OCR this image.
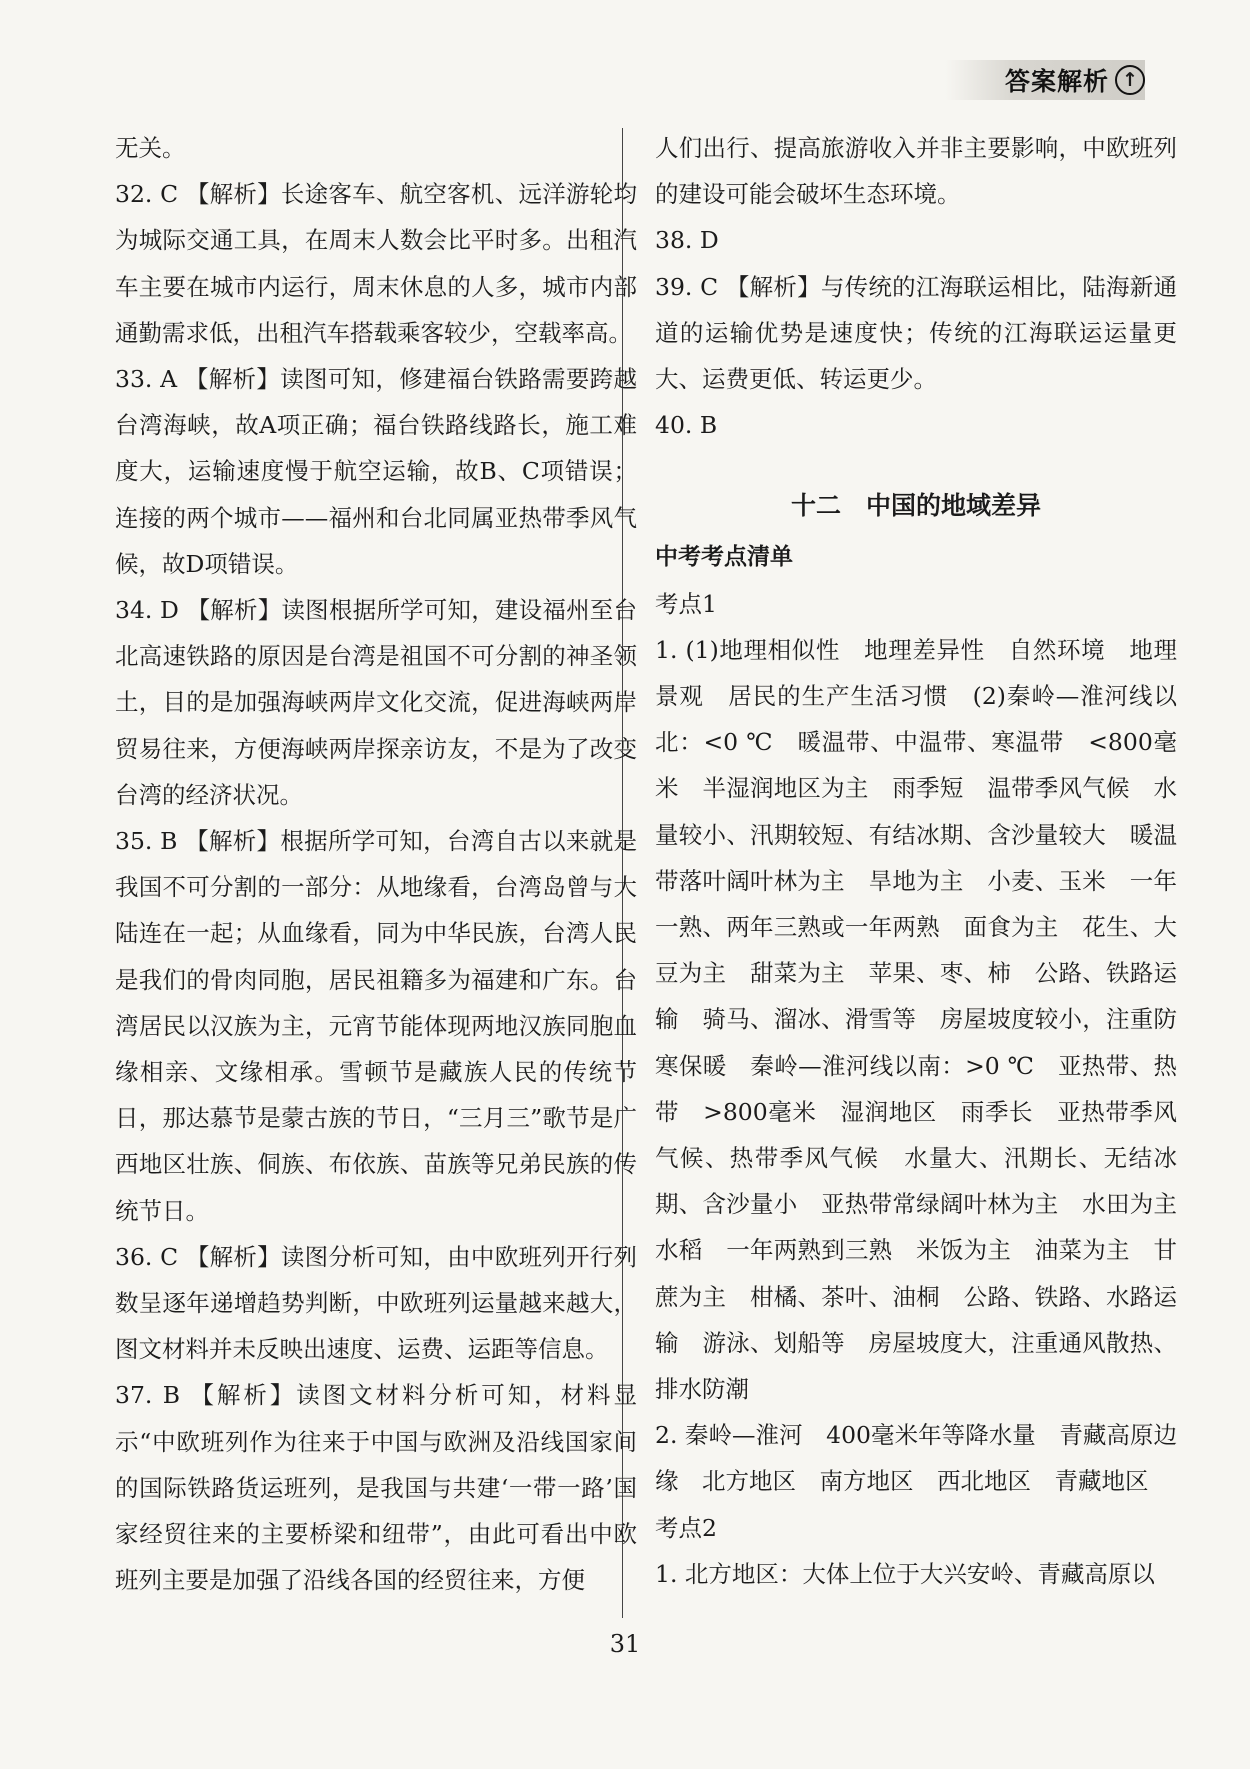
答案解析 ↑
无关。
32. C 【解析】长途客车、航空客机、远洋游轮均为城际交通工具，在周末人数会比平时多。出租汽车主要在城市内运行，周末休息的人多，城市内部通勤需求低，出租汽车搭载乘客较少，空载率高。
33. A 【解析】读图可知，修建福台铁路需要跨越台湾海峡，故A项正确；福台铁路线路长，施工难度大，运输速度慢于航空运输，故B、C项错误；连接的两个城市——福州和台北同属亚热带季风气候，故D项错误。
34. D 【解析】读图根据所学可知，建设福州至台北高速铁路的原因是台湾是祖国不可分割的神圣领土，目的是加强海峡两岸文化交流，促进海峡两岸贸易往来，方便海峡两岸探亲访友，不是为了改变台湾的经济状况。
35. B 【解析】根据所学可知，台湾自古以来就是我国不可分割的一部分：从地缘看，台湾岛曾与大陆连在一起；从血缘看，同为中华民族，台湾人民是我们的骨肉同胞，居民祖籍多为福建和广东。台湾居民以汉族为主，元宵节能体现两地汉族同胞血缘相亲、文缘相承。雪顿节是藏族人民的传统节日，那达慕节是蒙古族的节日，“三月三”歌节是广西地区壮族、侗族、布依族、苗族等兄弟民族的传统节日。
36. C 【解析】读图分析可知，由中欧班列开行列数呈逐年递增趋势判断，中欧班列运量越来越大，图文材料并未反映出速度、运费、运距等信息。
37. B 【解析】读图文材料分析可知，材料显示“中欧班列作为往来于中国与欧洲及沿线国家间的国际铁路货运班列，是我国与共建‘一带一路’国家经贸往来的主要桥梁和纽带”，由此可看出中欧班列主要是加强了沿线各国的经贸往来，方便
人们出行、提高旅游收入并非主要影响，中欧班列的建设可能会破坏生态环境。
38. D
39. C 【解析】与传统的江海联运相比，陆海新通道的运输优势是速度快；传统的江海联运运量更大、运费更低、转运更少。
40. B
十二　中国的地域差异
中考考点清单
考点1
1. (1)地理相似性　地理差异性　自然环境　地理景观　居民的生产生活习惯　(2)秦岭—淮河线以北：<0 ℃　暖温带、中温带、寒温带　<800毫米　半湿润地区为主　雨季短　温带季风气候　水量较小、汛期较短、有结冰期、含沙量较大　暖温带落叶阔叶林为主　旱地为主　小麦、玉米　一年一熟、两年三熟或一年两熟　面食为主　花生、大豆为主　甜菜为主　苹果、枣、柿　公路、铁路运输　骑马、溜冰、滑雪等　房屋坡度较小，注重防寒保暖　秦岭—淮河线以南：>0 ℃　亚热带、热带　>800毫米　湿润地区　雨季长　亚热带季风气候、热带季风气候　水量大、汛期长、无结冰期、含沙量小　亚热带常绿阔叶林为主　水田为主　水稻　一年两熟到三熟　米饭为主　油菜为主　甘蔗为主　柑橘、茶叶、油桐　公路、铁路、水路运输　游泳、划船等　房屋坡度大，注重通风散热、排水防潮
2. 秦岭—淮河　400毫米年等降水量　青藏高原边缘　北方地区　南方地区　西北地区　青藏地区
考点2
1. 北方地区：大体上位于大兴安岭、青藏高原以
31
